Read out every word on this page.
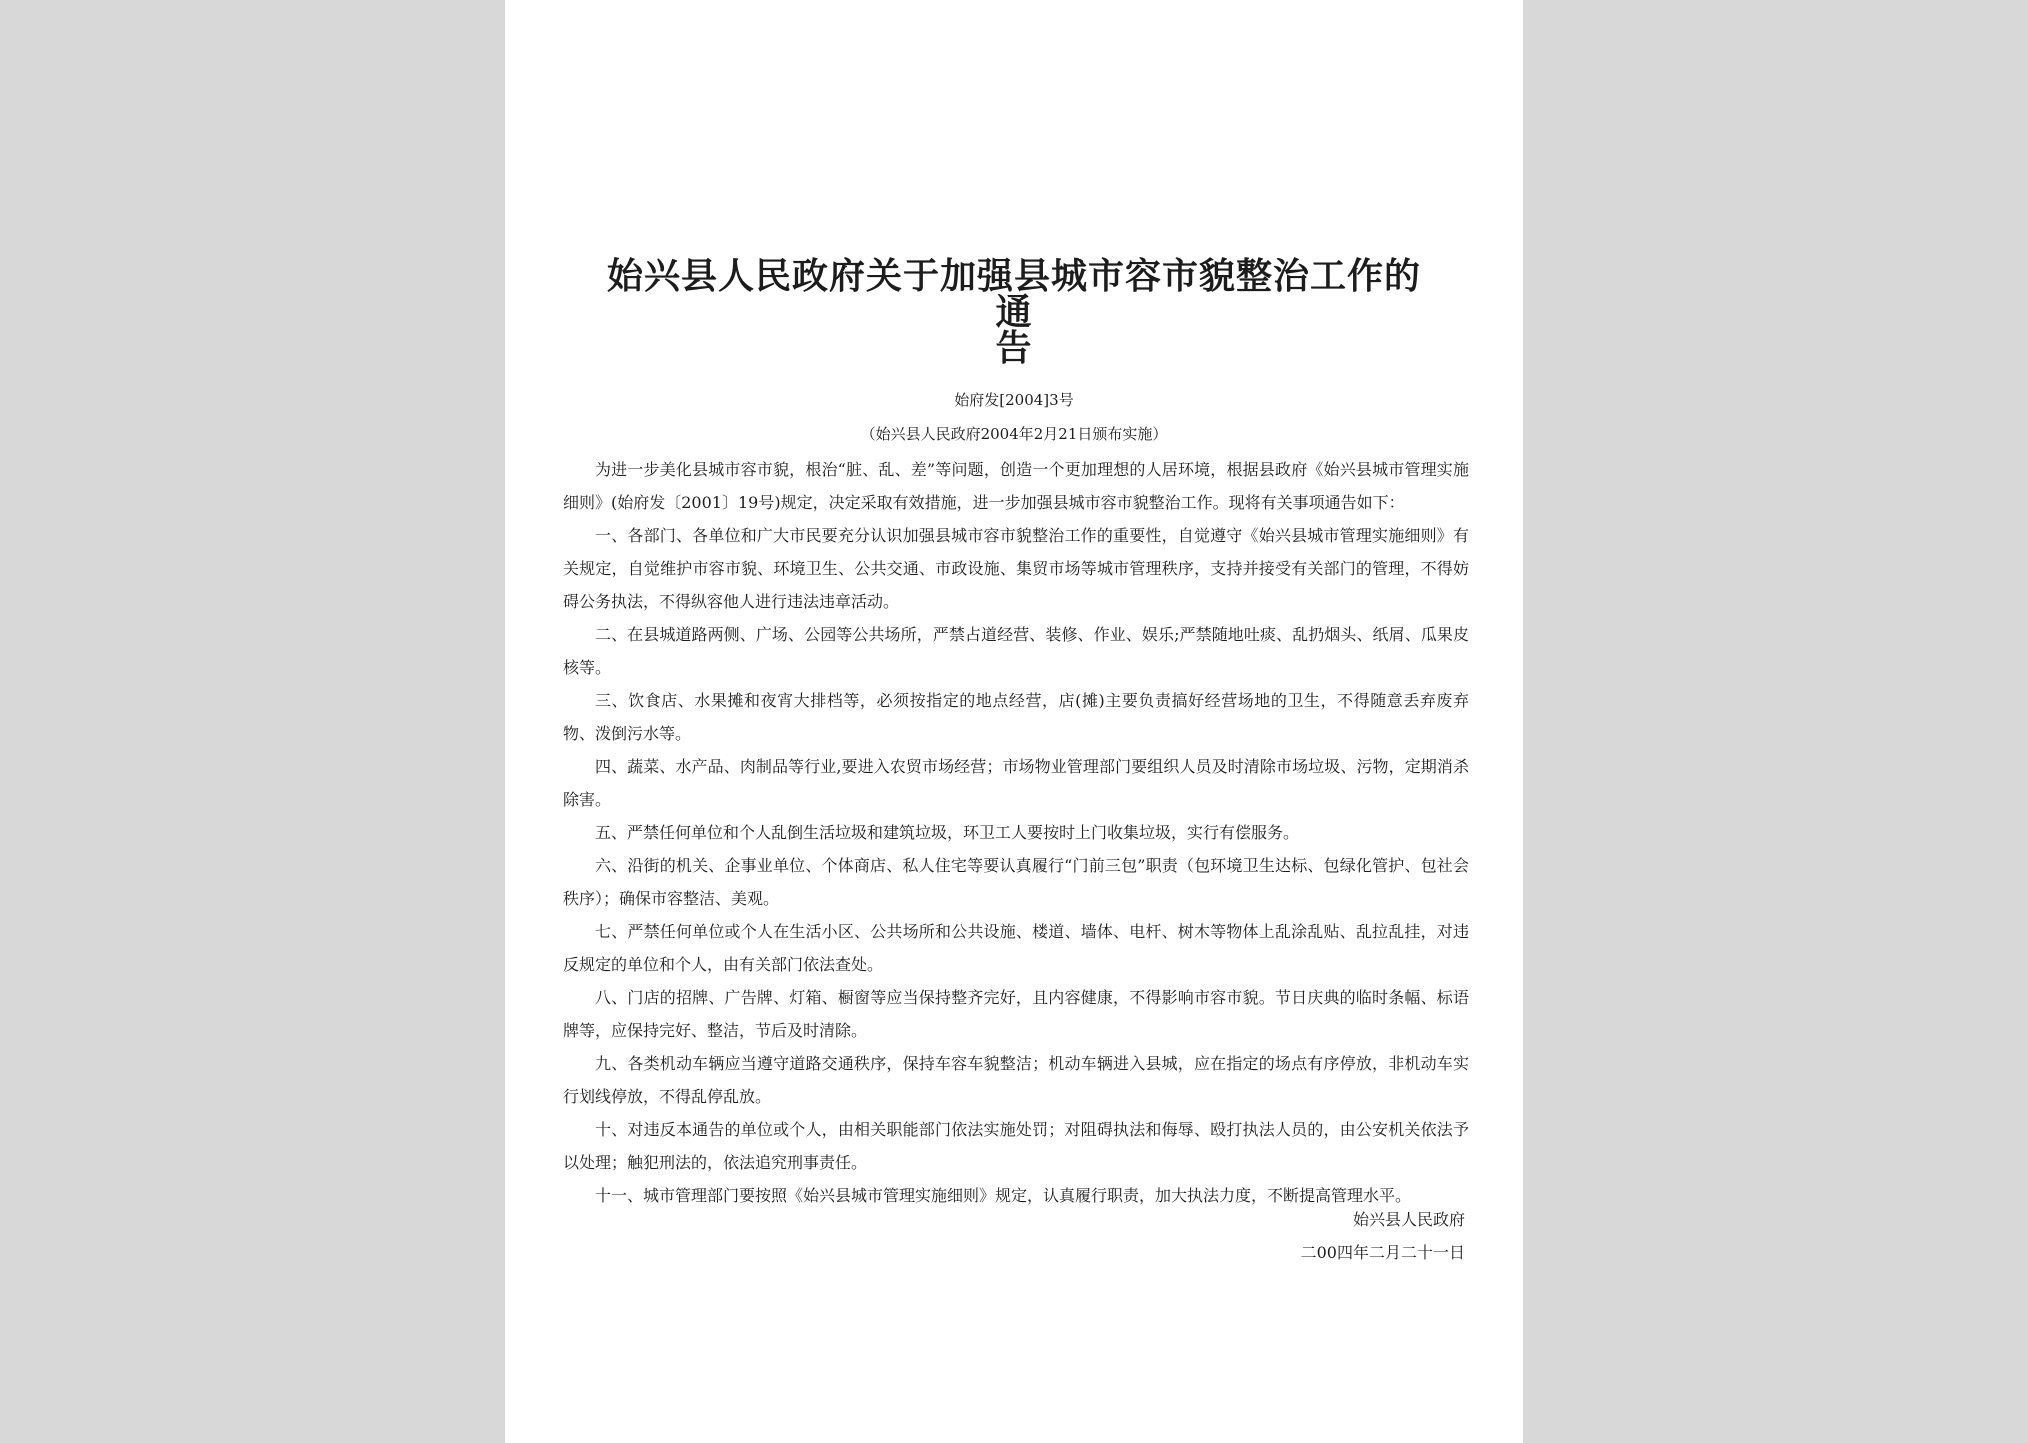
始兴县人民政府关于加强县城市容市貌整治工作的通
告
始府发[2004]3号
（始兴县人民政府2004年2月21日颁布实施）

为进一步美化县城市容市貌，根治“脏、乱、差”等问题，创造一个更加理想的人居环境，根据县政府《始兴县城市管理实施细则》(始府发〔2001〕19号)规定，决定采取有效措施，进一步加强县城市容市貌整治工作。现将有关事项通告如下：

一、各部门、各单位和广大市民要充分认识加强县城市容市貌整治工作的重要性，自觉遵守《始兴县城市管理实施细则》有关规定，自觉维护市容市貌、环境卫生、公共交通、市政设施、集贸市场等城市管理秩序，支持并接受有关部门的管理，不得妨碍公务执法，不得纵容他人进行违法违章活动。

二、在县城道路两侧、广场、公园等公共场所，严禁占道经营、装修、作业、娱乐;严禁随地吐痰、乱扔烟头、纸屑、瓜果皮核等。

三、饮食店、水果摊和夜宵大排档等，必须按指定的地点经营，店(摊)主要负责搞好经营场地的卫生，不得随意丢弃废弃物、泼倒污水等。

四、蔬菜、水产品、肉制品等行业,要进入农贸市场经营；市场物业管理部门要组织人员及时清除市场垃圾、污物，定期消杀除害。

五、严禁任何单位和个人乱倒生活垃圾和建筑垃圾，环卫工人要按时上门收集垃圾，实行有偿服务。

六、沿街的机关、企事业单位、个体商店、私人住宅等要认真履行“门前三包”职责（包环境卫生达标、包绿化管护、包社会秩序）；确保市容整洁、美观。

七、严禁任何单位或个人在生活小区、公共场所和公共设施、楼道、墙体、电杆、树木等物体上乱涂乱贴、乱拉乱挂，对违反规定的单位和个人，由有关部门依法查处。

八、门店的招牌、广告牌、灯箱、橱窗等应当保持整齐完好，且内容健康，不得影响市容市貌。节日庆典的临时条幅、标语牌等，应保持完好、整洁，节后及时清除。

九、各类机动车辆应当遵守道路交通秩序，保持车容车貌整洁；机动车辆进入县城，应在指定的场点有序停放，非机动车实行划线停放，不得乱停乱放。

十、对违反本通告的单位或个人，由相关职能部门依法实施处罚；对阻碍执法和侮辱、殴打执法人员的，由公安机关依法予以处理；触犯刑法的，依法追究刑事责任。

十一、城市管理部门要按照《始兴县城市管理实施细则》规定，认真履行职责，加大执法力度，不断提高管理水平。

始兴县人民政府
二00四年二月二十一日
